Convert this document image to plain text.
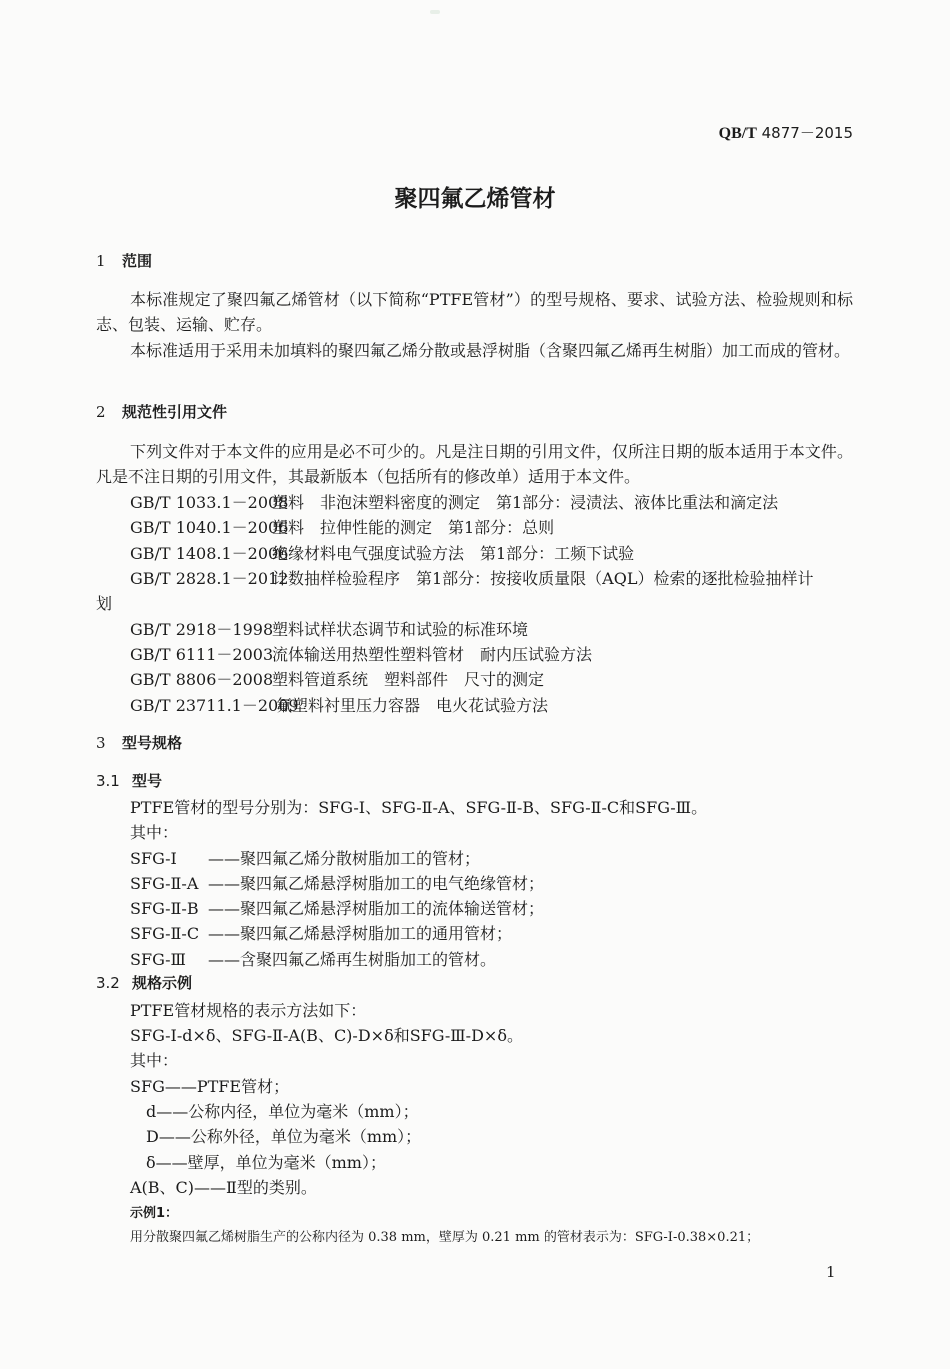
QB/T 4877－2015
聚四氟乙烯管材
1 范围
本标准规定了聚四氟乙烯管材（以下简称“PTFE管材”）的型号规格、要求、试验方法、检验规则和标志、包装、运输、贮存。
本标准适用于采用未加填料的聚四氟乙烯分散或悬浮树脂（含聚四氟乙烯再生树脂）加工而成的管材。
2 规范性引用文件
下列文件对于本文件的应用是必不可少的。凡是注日期的引用文件，仅所注日期的版本适用于本文件。凡是不注日期的引用文件，其最新版本（包括所有的修改单）适用于本文件。
GB/T 1033.1－2008塑料　非泡沫塑料密度的测定　第1部分：浸渍法、液体比重法和滴定法
GB/T 1040.1－2006塑料　拉伸性能的测定　第1部分：总则
GB/T 1408.1－2006绝缘材料电气强度试验方法　第1部分：工频下试验
GB/T 2828.1－2012计数抽样检验程序　第1部分：按接收质量限（AQL）检索的逐批检验抽样计
划
GB/T 2918－1998塑料试样状态调节和试验的标准环境
GB/T 6111－2003流体输送用热塑性塑料管材　耐内压试验方法
GB/T 8806－2008塑料管道系统　塑料部件　尺寸的测定
GB/T 23711.1－2009氟塑料衬里压力容器　电火花试验方法
3 型号规格
3.1 型号
PTFE管材的型号分别为：SFG-Ⅰ、SFG-Ⅱ-A、SFG-Ⅱ-B、SFG-Ⅱ-C和SFG-Ⅲ。
其中：
SFG-Ⅰ ——聚四氟乙烯分散树脂加工的管材；
SFG-Ⅱ-A ——聚四氟乙烯悬浮树脂加工的电气绝缘管材；
SFG-Ⅱ-B ——聚四氟乙烯悬浮树脂加工的流体输送管材；
SFG-Ⅱ-C ——聚四氟乙烯悬浮树脂加工的通用管材；
SFG-Ⅲ ——含聚四氟乙烯再生树脂加工的管材。
3.2 规格示例
PTFE管材规格的表示方法如下：
SFG-Ⅰ-d×δ、SFG-Ⅱ-A(B、C)-D×δ和SFG-Ⅲ-D×δ。
其中：
SFG——PTFE管材；
d——公称内径，单位为毫米（mm）；
D——公称外径，单位为毫米（mm）；
δ——壁厚，单位为毫米（mm）；
A(B、C)——Ⅱ型的类别。
示例1：
用分散聚四氟乙烯树脂生产的公称内径为 0.38 mm，壁厚为 0.21 mm 的管材表示为：SFG-Ⅰ-0.38×0.21；
1
